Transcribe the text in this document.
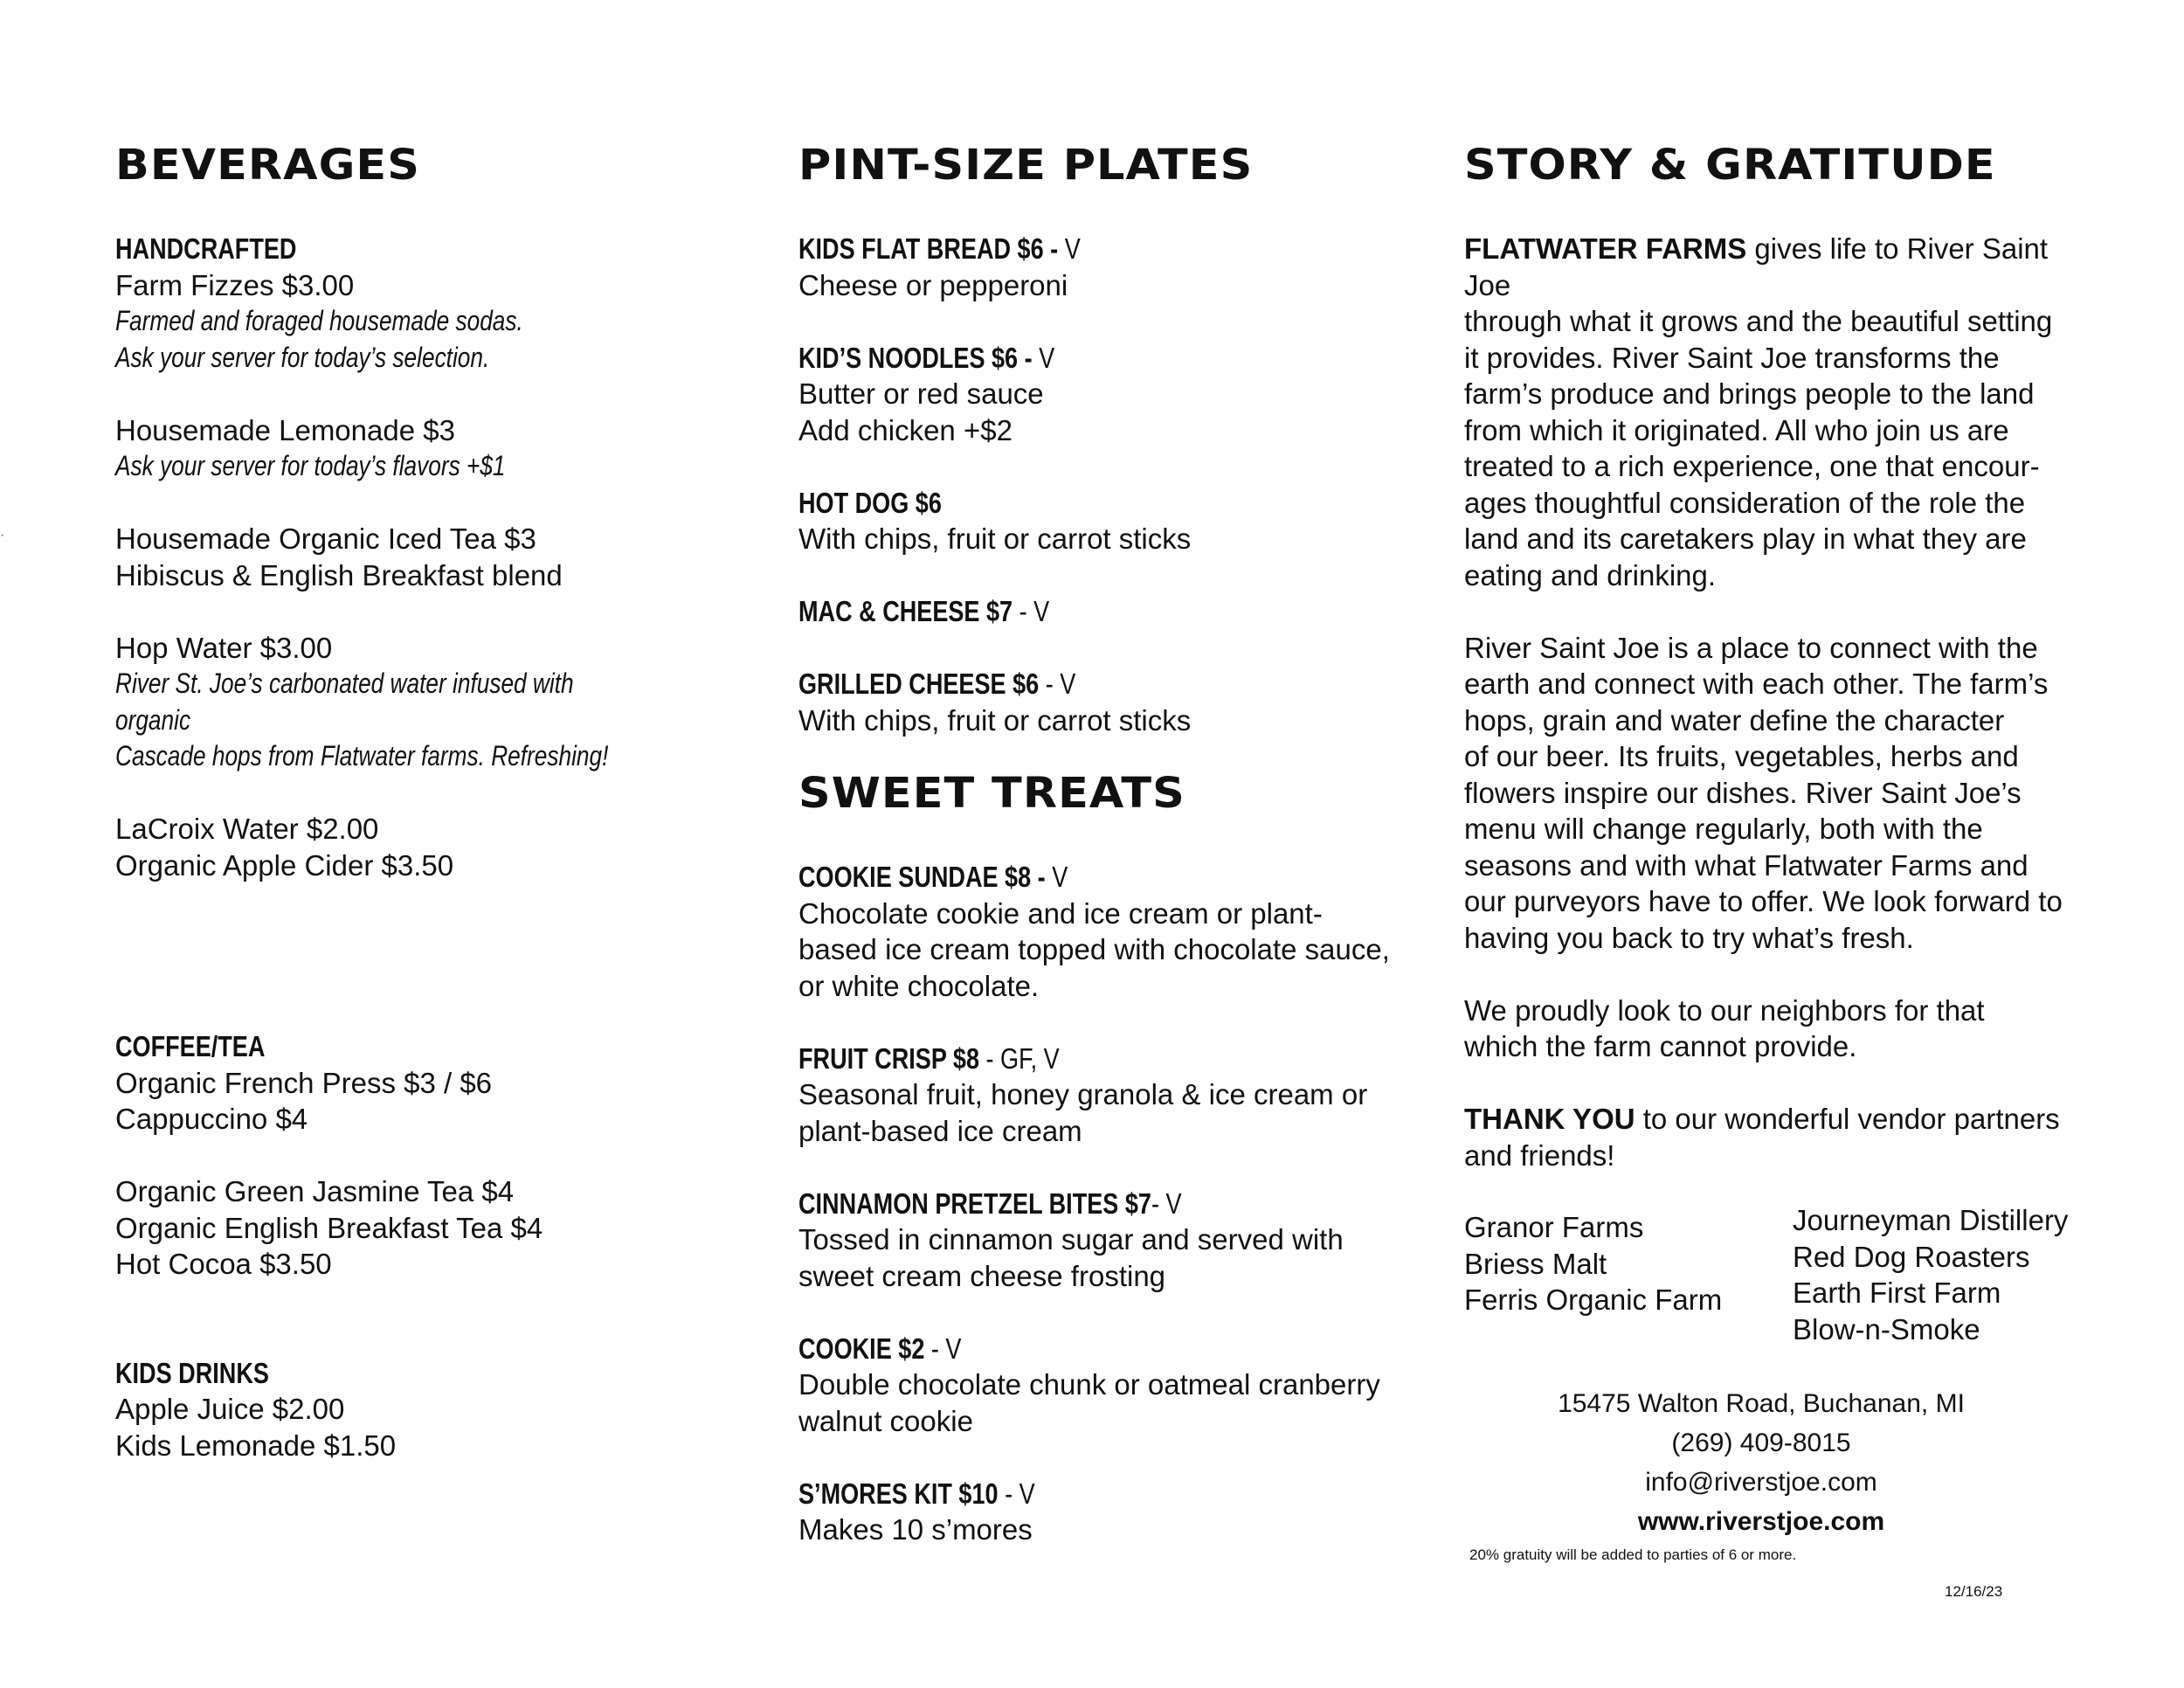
BEVERAGES
HANDCRAFTED
Farm Fizzes $3.00
Farmed and foraged housemade sodas.
Ask your server for today’s selection.
Housemade Lemonade $3
Ask your server for today’s flavors +$1
Housemade Organic Iced Tea $3
Hibiscus & English Breakfast blend
Hop Water $3.00
River St. Joe’s carbonated water infused with organic
Cascade hops from Flatwater farms. Refreshing!
LaCroix Water $2.00
Organic Apple Cider $3.50
COFFEE/TEA
Organic French Press $3 / $6
Cappuccino $4
Organic Green Jasmine Tea $4
Organic English Breakfast Tea $4
Hot Cocoa $3.50
KIDS DRINKS
Apple Juice $2.00
Kids Lemonade $1.50
PINT-SIZE PLATES
KIDS FLAT BREAD $6 - V
Cheese or pepperoni
KID’S NOODLES $6 - V
Butter or red sauce
Add chicken +$2
HOT DOG $6
With chips, fruit or carrot sticks
MAC & CHEESE $7 - V
GRILLED CHEESE $6 - V
With chips, fruit or carrot sticks
SWEET TREATS
COOKIE SUNDAE $8 - V
Chocolate cookie and ice cream or plant-
based ice cream topped with chocolate sauce,
or white chocolate.
FRUIT CRISP $8 - GF, V
Seasonal fruit, honey granola & ice cream or
plant-based ice cream
CINNAMON PRETZEL BITES $7- V
Tossed in cinnamon sugar and served with
sweet cream cheese frosting
COOKIE $2 - V
Double chocolate chunk or oatmeal cranberry
walnut cookie
S’MORES KIT $10 - V
Makes 10 s’mores
STORY & GRATITUDE

FLATWATER FARMS gives life to River Saint Joe
through what it grows and the beautiful setting
it provides. River Saint Joe transforms the
farm’s produce and brings people to the land
from which it originated. All who join us are
treated to a rich experience, one that encour-
ages thoughtful consideration of the role the
land and its caretakers play in what they are
eating and drinking.

River Saint Joe is a place to connect with the
earth and connect with each other. The farm’s
hops, grain and water define the character
of our beer. Its fruits, vegetables, herbs and
flowers inspire our dishes. River Saint Joe’s
menu will change regularly, both with the
seasons and with what Flatwater Farms and
our purveyors have to offer. We look forward to
having you back to try what’s fresh.

We proudly look to our neighbors for that
which the farm cannot provide.

THANK YOU to our wonderful vendor partners
and friends!

Granor Farms
Briess Malt
Ferris Organic Farm
Journeyman Distillery
Red Dog Roasters
Earth First Farm
Blow-n-Smoke
15475 Walton Road, Buchanan, MI
(269) 409-8015
info@riverstjoe.com
www.riverstjoe.com
20% gratuity will be added to parties of 6 or more.
12/16/23
·
